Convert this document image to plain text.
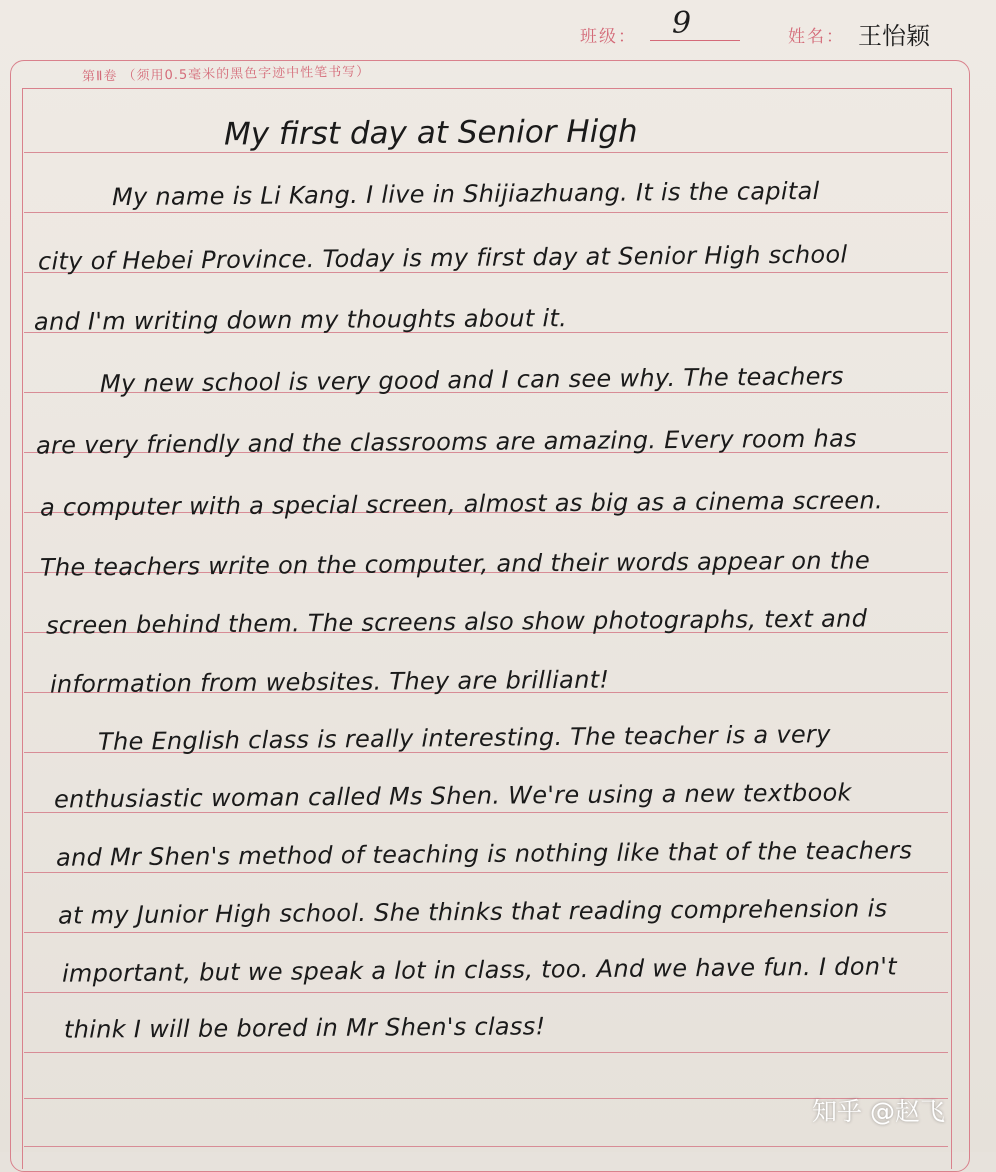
班级： 9	姓名： 王怡颖
第Ⅱ卷 （须用0.5毫米的黑色字迹中性笔书写）
My first day at Senior High
My name is Li Kang. I live in Shijiazhuang. It is the capital
city of Hebei Province. Today is my first day at Senior High school
and I'm writing down my thoughts about it.
My new school is very good and I can see why. The teachers
are very friendly and the classrooms are amazing. Every room has
a computer with a special screen, almost as big as a cinema screen.
The teachers write on the computer, and their words appear on the
screen behind them. The screens also show photographs, text and
information from websites. They are brilliant!
The English class is really interesting. The teacher is a very
enthusiastic woman called Ms Shen. We're using a new textbook
and Mr Shen's method of teaching is nothing like that of the teachers
at my Junior High school. She thinks that reading comprehension is
important, but we speak a lot in class, too. And we have fun. I don't
think I will be bored in Mr Shen's class!
知乎 @赵飞
